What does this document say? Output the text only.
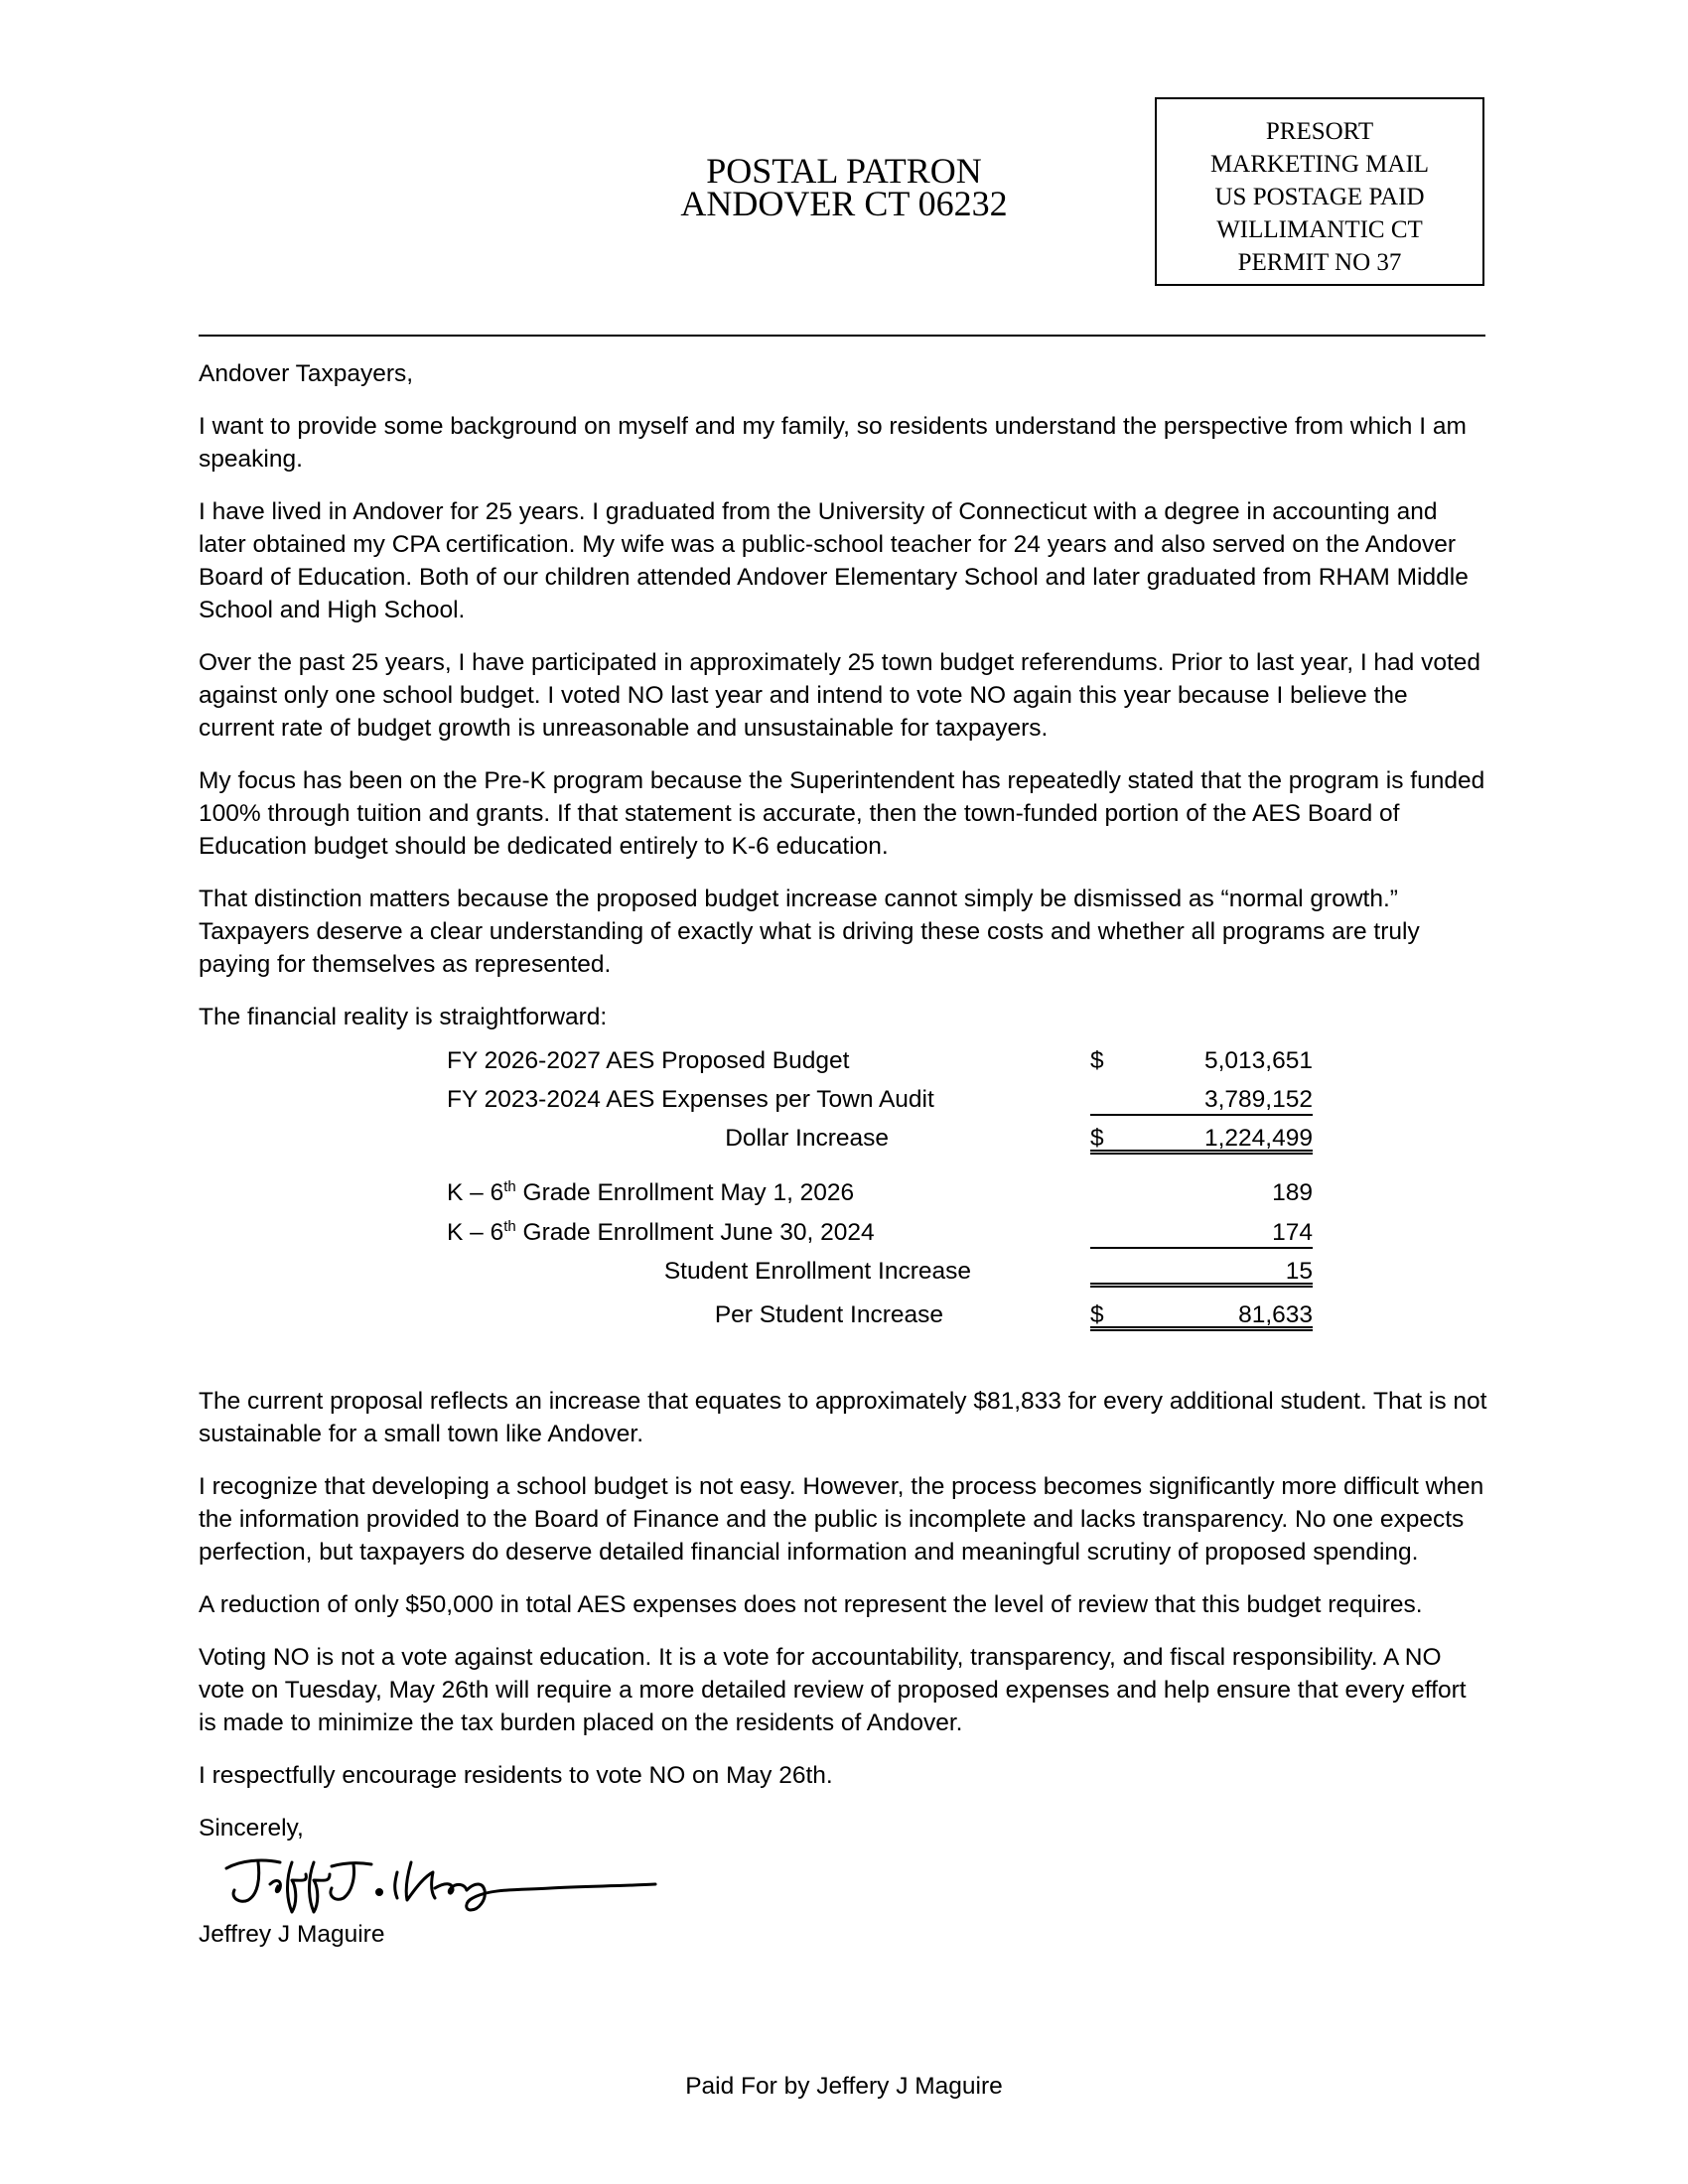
POSTAL PATRON
ANDOVER CT 06232
PRESORT
MARKETING MAIL
US POSTAGE PAID
WILLIMANTIC CT
PERMIT NO 37

Andover Taxpayers,

I want to provide some background on myself and my family, so residents understand the perspective from which I am speaking.

I have lived in Andover for 25 years. I graduated from the University of Connecticut with a degree in accounting and later obtained my CPA certification. My wife was a public-school teacher for 24 years and also served on the Andover Board of Education. Both of our children attended Andover Elementary School and later graduated from RHAM Middle School and High School.

Over the past 25 years, I have participated in approximately 25 town budget referendums. Prior to last year, I had voted against only one school budget. I voted NO last year and intend to vote NO again this year because I believe the current rate of budget growth is unreasonable and unsustainable for taxpayers.

My focus has been on the Pre-K program because the Superintendent has repeatedly stated that the program is funded 100% through tuition and grants. If that statement is accurate, then the town-funded portion of the AES Board of Education budget should be dedicated entirely to K-6 education.

That distinction matters because the proposed budget increase cannot simply be dismissed as “normal growth.” Taxpayers deserve a clear understanding of exactly what is driving these costs and whether all programs are truly paying for themselves as represented.

The financial reality is straightforward:

FY 2026-2027 AES Proposed Budget	$	5,013,651
FY 2023-2024 AES Expenses per Town Audit	3,789,152
Dollar Increase	$	1,224,499
K – 6th Grade Enrollment May 1, 2026	189
K – 6th Grade Enrollment June 30, 2024	174
Student Enrollment Increase	15
Per Student Increase	$	81,633

The current proposal reflects an increase that equates to approximately $81,833 for every additional student. That is not sustainable for a small town like Andover.

I recognize that developing a school budget is not easy. However, the process becomes significantly more difficult when the information provided to the Board of Finance and the public is incomplete and lacks transparency. No one expects perfection, but taxpayers do deserve detailed financial information and meaningful scrutiny of proposed spending.

A reduction of only $50,000 in total AES expenses does not represent the level of review that this budget requires.

Voting NO is not a vote against education. It is a vote for accountability, transparency, and fiscal responsibility. A NO vote on Tuesday, May 26th will require a more detailed review of proposed expenses and help ensure that every effort is made to minimize the tax burden placed on the residents of Andover.

I respectfully encourage residents to vote NO on May 26th.

Sincerely,

Jeffrey J Maguire

Paid For by Jeffery J Maguire
